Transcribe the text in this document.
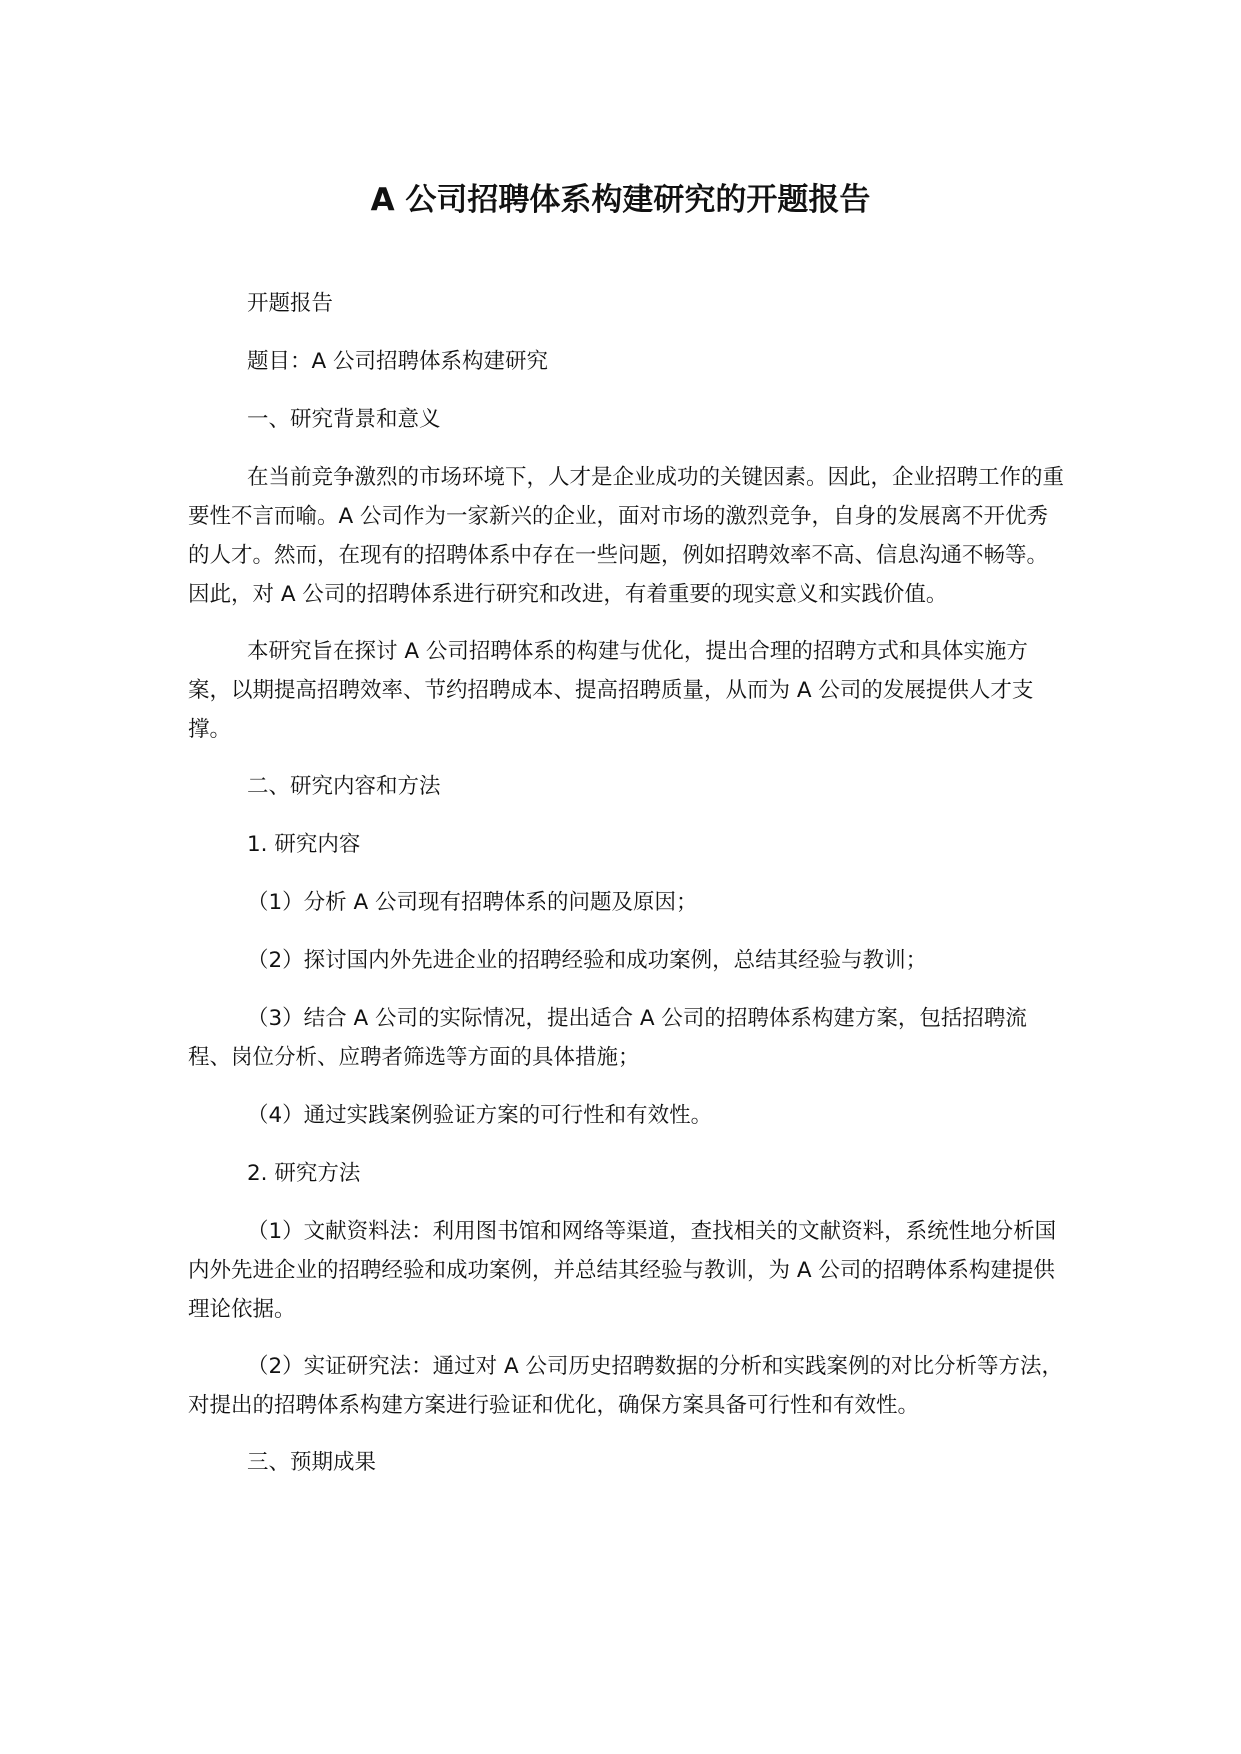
A 公司招聘体系构建研究的开题报告

开题报告

题目：A 公司招聘体系构建研究

一、研究背景和意义

在当前竞争激烈的市场环境下，人才是企业成功的关键因素。因此，企业招聘工作的重要性不言而喻。A 公司作为一家新兴的企业，面对市场的激烈竞争，自身的发展离不开优秀的人才。然而，在现有的招聘体系中存在一些问题，例如招聘效率不高、信息沟通不畅等。因此，对 A 公司的招聘体系进行研究和改进，有着重要的现实意义和实践价值。

本研究旨在探讨 A 公司招聘体系的构建与优化，提出合理的招聘方式和具体实施方案，以期提高招聘效率、节约招聘成本、提高招聘质量，从而为 A 公司的发展提供人才支撑。

二、研究内容和方法

1. 研究内容

（1）分析 A 公司现有招聘体系的问题及原因；

（2）探讨国内外先进企业的招聘经验和成功案例，总结其经验与教训；

（3）结合 A 公司的实际情况，提出适合 A 公司的招聘体系构建方案，包括招聘流程、岗位分析、应聘者筛选等方面的具体措施；

（4）通过实践案例验证方案的可行性和有效性。

2. 研究方法

（1）文献资料法：利用图书馆和网络等渠道，查找相关的文献资料，系统性地分析国内外先进企业的招聘经验和成功案例，并总结其经验与教训，为 A 公司的招聘体系构建提供理论依据。

（2）实证研究法：通过对 A 公司历史招聘数据的分析和实践案例的对比分析等方法，对提出的招聘体系构建方案进行验证和优化，确保方案具备可行性和有效性。

三、预期成果
